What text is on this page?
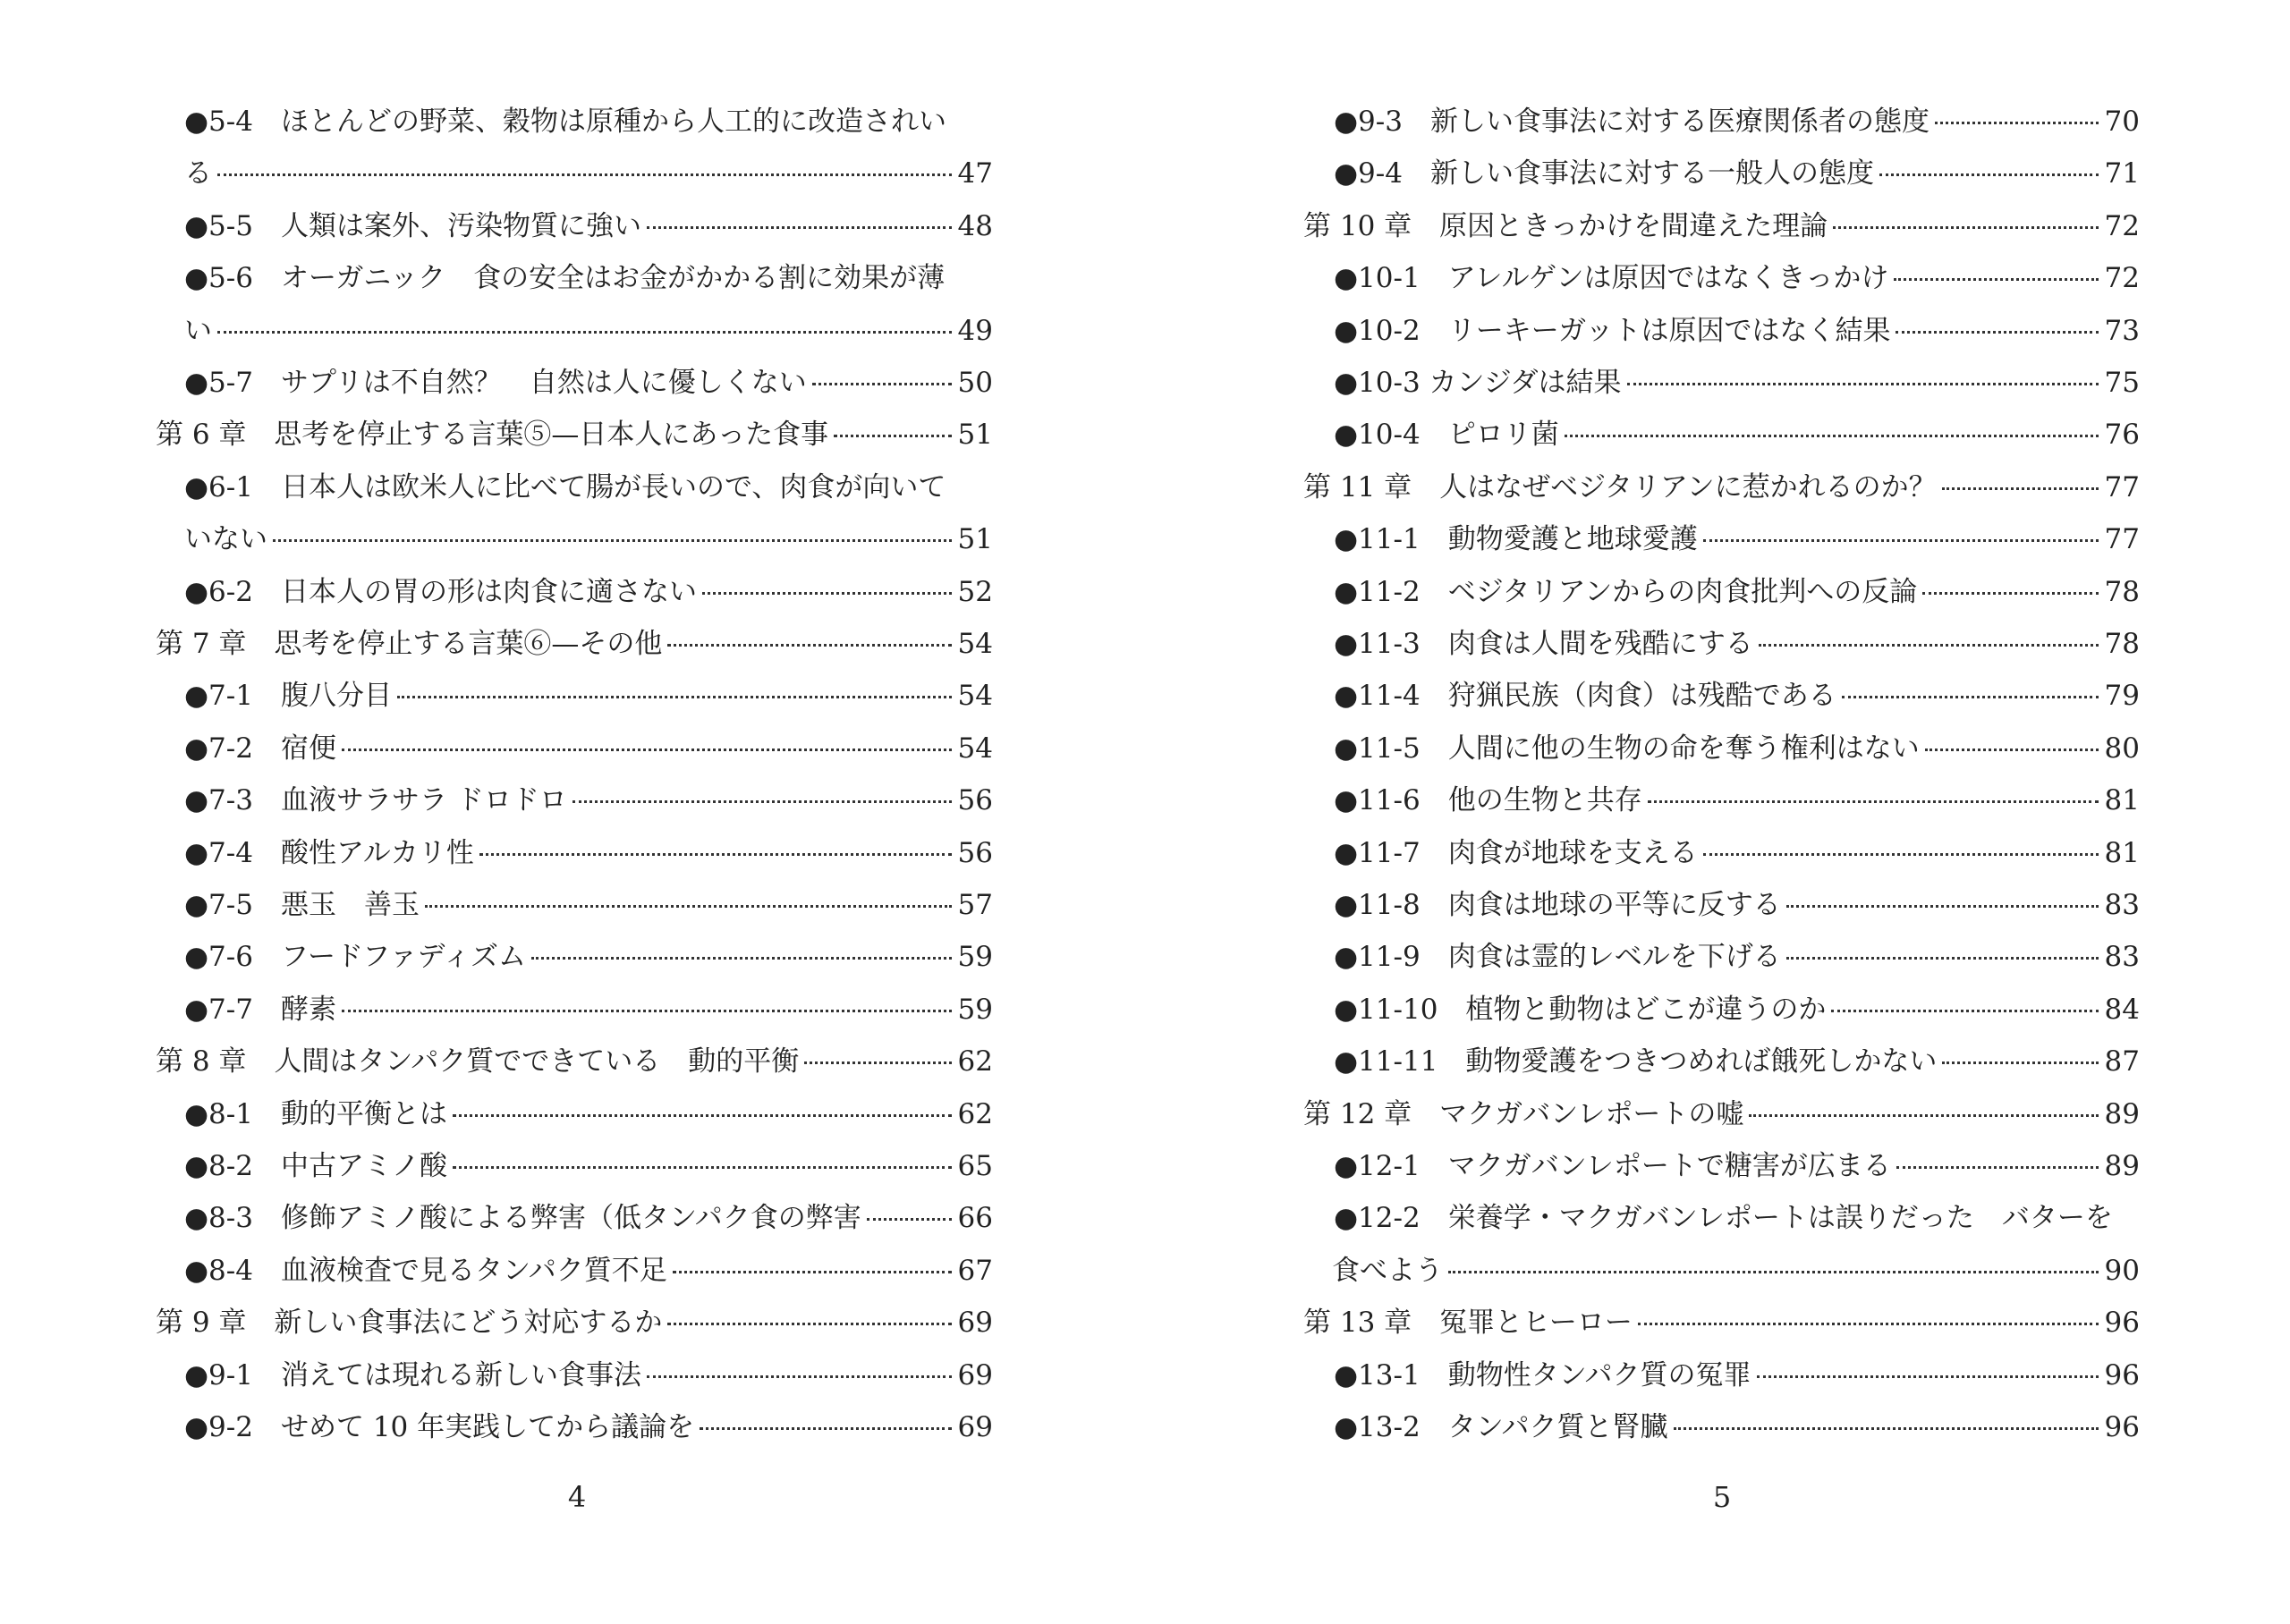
●5-4　ほとんどの野菜、穀物は原種から人工的に改造されい
る	47
●5-5　人類は案外、汚染物質に強い	48
●5-6　オーガニック　食の安全はお金がかかる割に効果が薄
い	49
●5-7　サプリは不自然？　自然は人に優しくない	50
第 6 章　思考を停止する言葉⑤—日本人にあった食事	51
●6-1　日本人は欧米人に比べて腸が長いので、肉食が向いて
いない	51
●6-2　日本人の胃の形は肉食に適さない	52
第 7 章　思考を停止する言葉⑥—その他	54
●7-1　腹八分目	54
●7-2　宿便	54
●7-3　血液サラサラ ドロドロ	56
●7-4　酸性アルカリ性	56
●7-5　悪玉　善玉	57
●7-6　フードファディズム	59
●7-7　酵素	59
第 8 章　人間はタンパク質でできている　動的平衡	62
●8-1　動的平衡とは	62
●8-2　中古アミノ酸	65
●8-3　修飾アミノ酸による弊害（低タンパク食の弊害	66
●8-4　血液検査で見るタンパク質不足	67
第 9 章　新しい食事法にどう対応するか	69
●9-1　消えては現れる新しい食事法	69
●9-2　せめて 10 年実践してから議論を	69
4
●9-3　新しい食事法に対する医療関係者の態度	70
●9-4　新しい食事法に対する一般人の態度	71
第 10 章　原因ときっかけを間違えた理論	72
●10-1　アレルゲンは原因ではなくきっかけ	72
●10-2　リーキーガットは原因ではなく結果	73
●10-3 カンジダは結果	75
●10-4　ピロリ菌	76
第 11 章　人はなぜベジタリアンに惹かれるのか？	77
●11-1　動物愛護と地球愛護	77
●11-2　ベジタリアンからの肉食批判への反論	78
●11-3　肉食は人間を残酷にする	78
●11-4　狩猟民族（肉食）は残酷である	79
●11-5　人間に他の生物の命を奪う権利はない	80
●11-6　他の生物と共存	81
●11-7　肉食が地球を支える	81
●11-8　肉食は地球の平等に反する	83
●11-9　肉食は霊的レベルを下げる	83
●11-10　植物と動物はどこが違うのか	84
●11-11　動物愛護をつきつめれば餓死しかない	87
第 12 章　マクガバンレポートの嘘	89
●12-1　マクガバンレポートで糖害が広まる	89
●12-2　栄養学・マクガバンレポートは誤りだった　バターを
食べよう	90
第 13 章　冤罪とヒーロー	96
●13-1　動物性タンパク質の冤罪	96
●13-2　タンパク質と腎臓	96
5
